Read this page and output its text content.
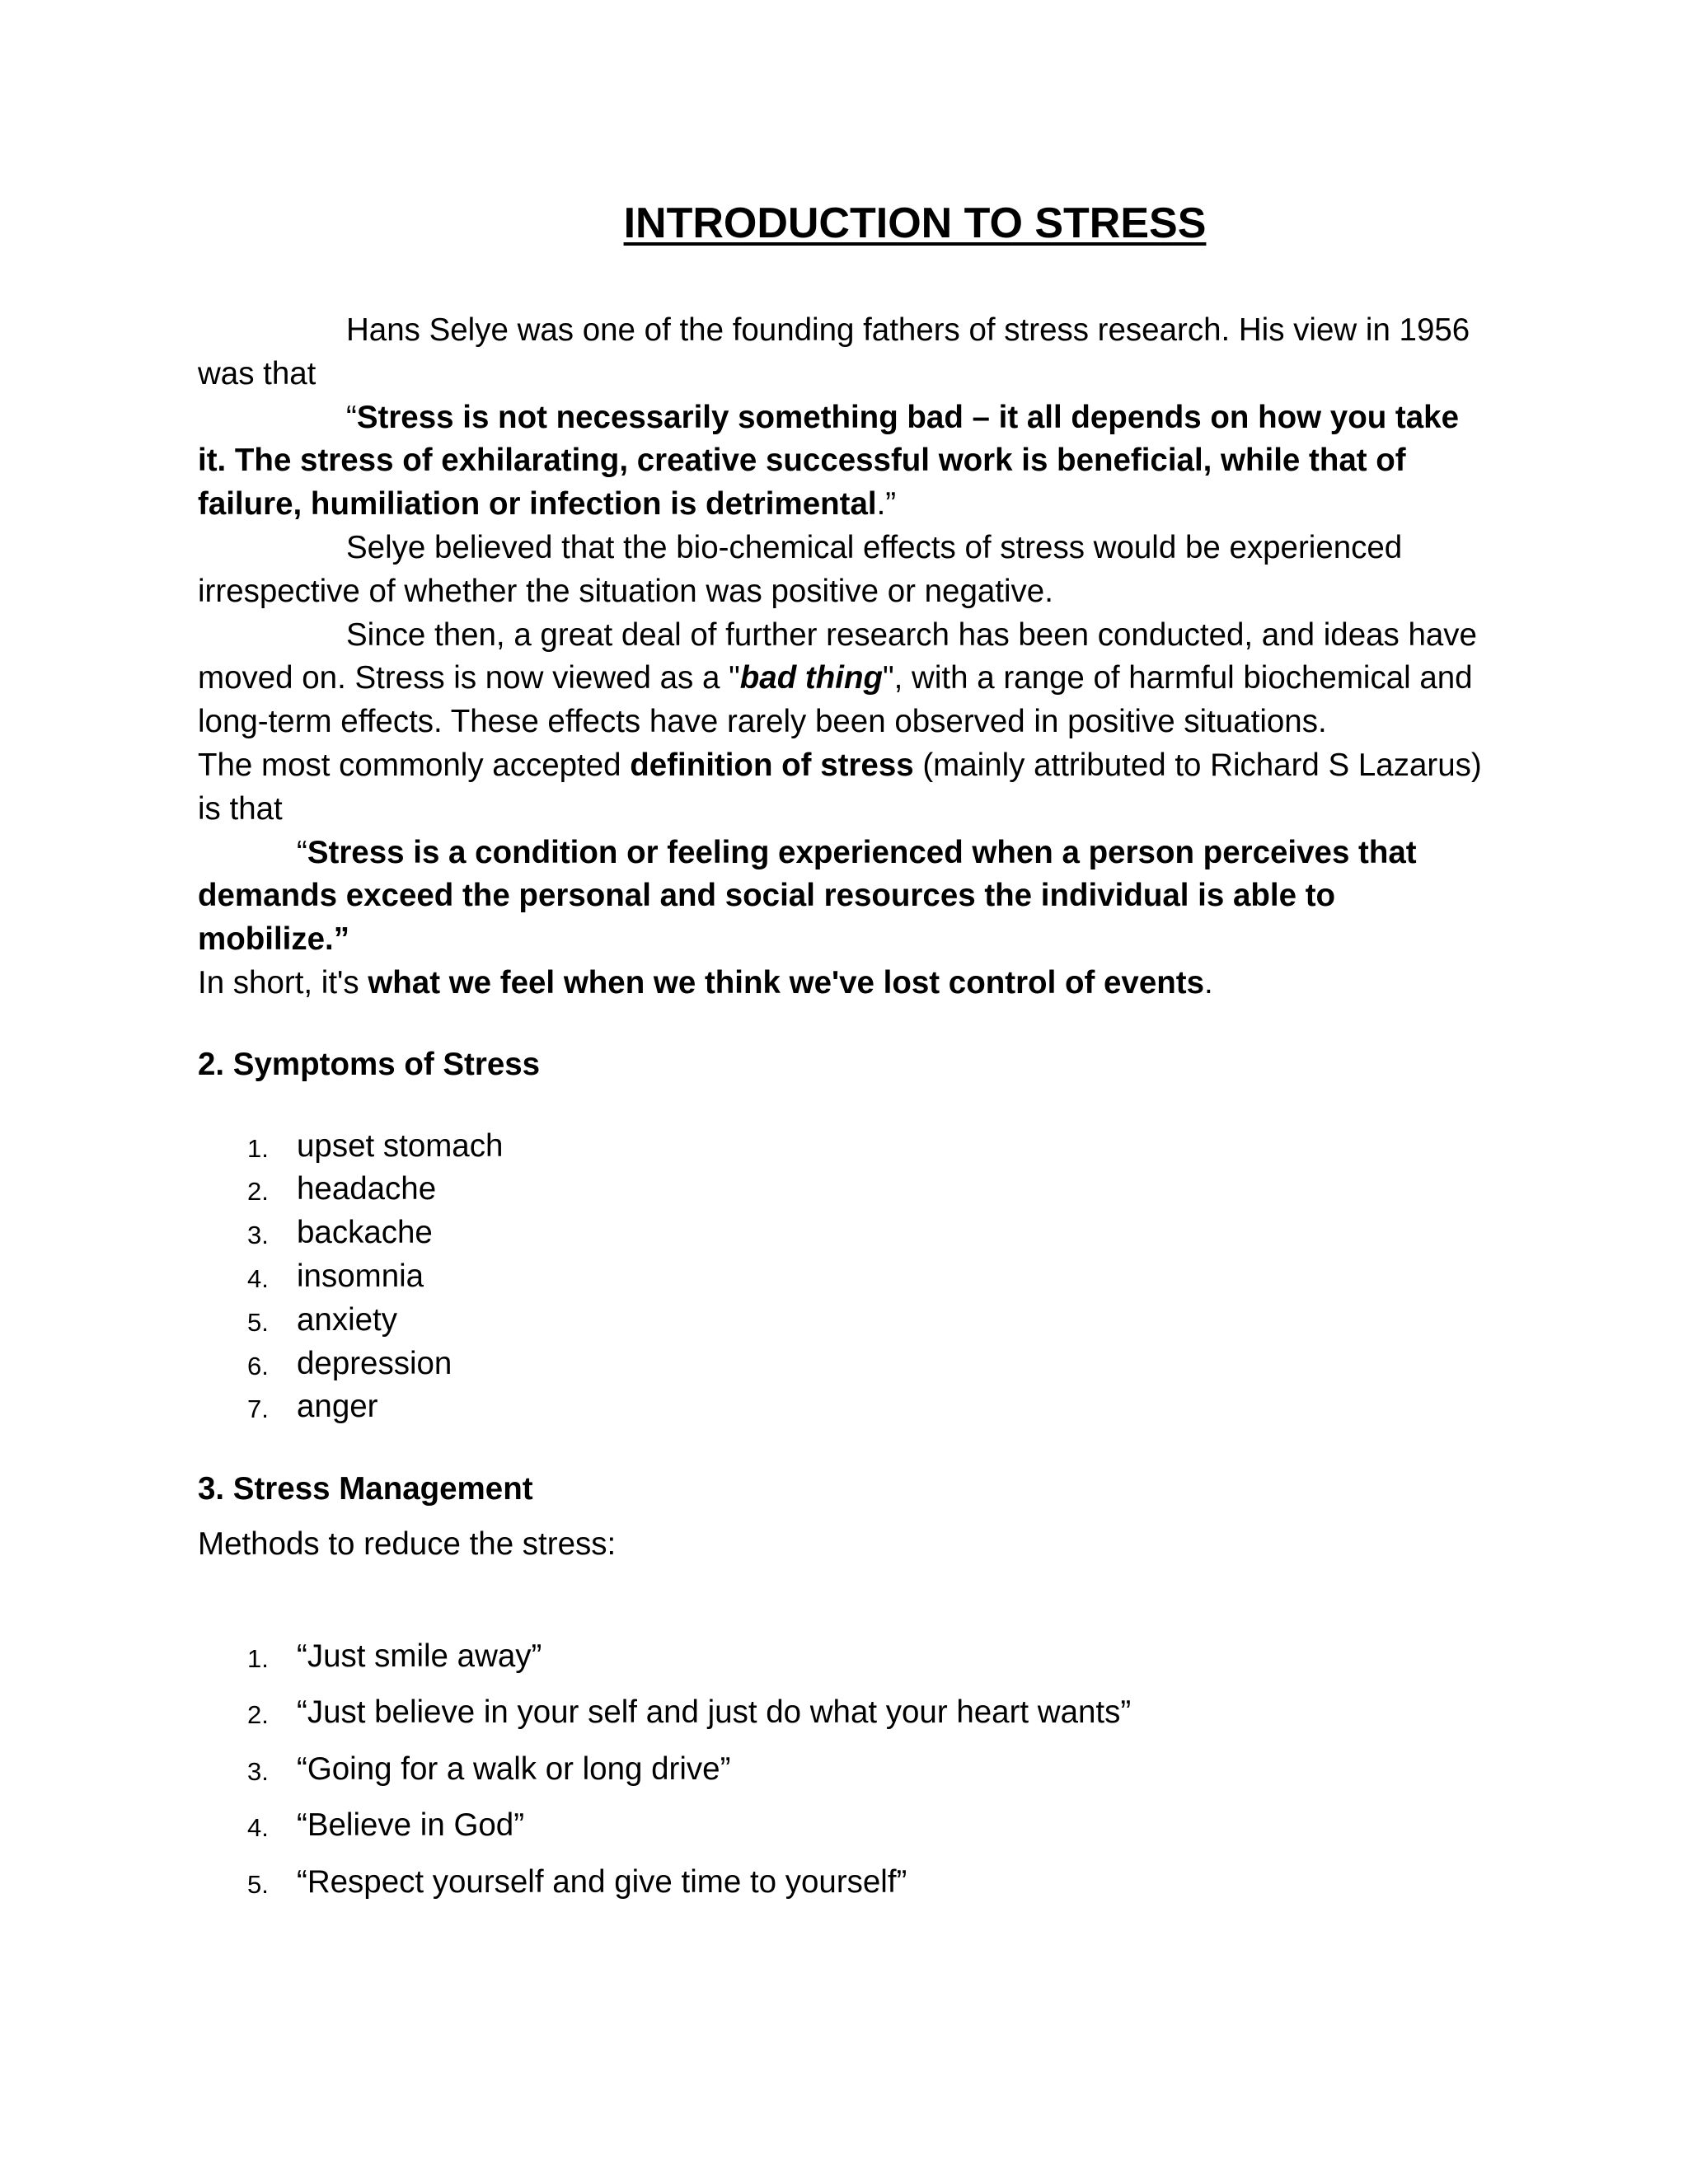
INTRODUCTION TO STRESS

Hans Selye was one of the founding fathers of stress research. His view in 1956 was that

“Stress is not necessarily something bad – it all depends on how you take it. The stress of exhilarating, creative successful work is beneficial, while that of failure, humiliation or infection is detrimental.”

Selye believed that the bio-chemical effects of stress would be experienced irrespective of whether the situation was positive or negative.

Since then, a great deal of further research has been conducted, and ideas have moved on. Stress is now viewed as a "bad thing", with a range of harmful biochemical and long-term effects. These effects have rarely been observed in positive situations.

The most commonly accepted definition of stress (mainly attributed to Richard S Lazarus) is that

“Stress is a condition or feeling experienced when a person perceives that demands exceed the personal and social resources the individual is able to mobilize.”

In short, it's what we feel when we think we've lost control of events.

2. Symptoms of Stress

1. upset stomach
2. headache
3. backache
4. insomnia
5. anxiety
6. depression
7. anger

3. Stress Management

Methods to reduce the stress:

1. “Just smile away”
2. “Just believe in your self and just do what your heart wants”
3. “Going for a walk or long drive”
4. “Believe in God”
5. “Respect yourself and give time to yourself”
